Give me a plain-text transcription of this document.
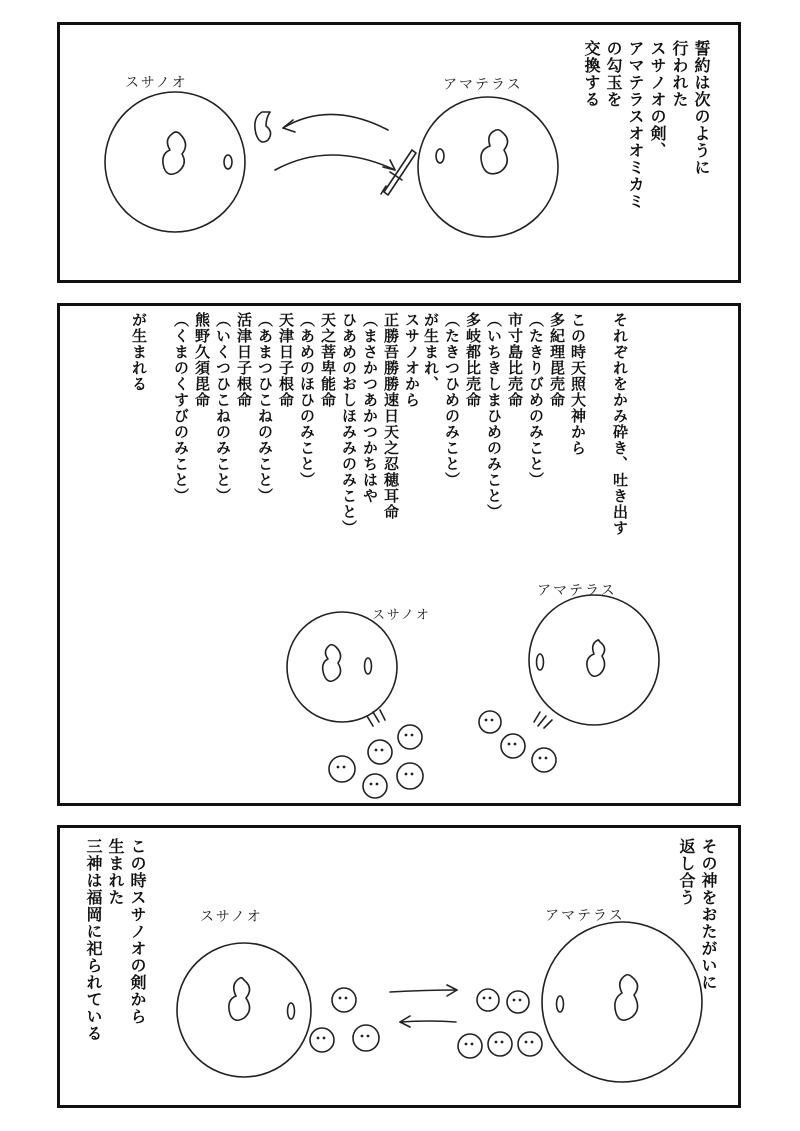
スサノオ	アマテラス
スサノオ
アマテラス
スサノオ	アマテラス
誓約は次のように
行われた
スサノオの剣、
アマテラスオオミカミ
の勾玉を
交換する
それぞれをかみ砕き、吐き出す

この時天照大神から
多紀理毘売命
（たきりびめのみこと）
市寸島比売命
（いちきしまひめのみこと）
多岐都比売命
（たきつひめのみこと）
が生まれ、
スサノオから
正勝吾勝勝速日天之忍穂耳命
（まさかつあかつかちはや
ひあめのおしほみみのみこと）
天之菩卑能命
（あめのほひのみこと）
天津日子根命
（あまつひこねのみこと）
活津日子根命
（いくつひこねのみこと）
熊野久須毘命
（くまのくすびのみこと）

が生まれる
その神をおたがいに
返し合う
この時スサノオの剣から
生まれた
三神は福岡に祀られている
